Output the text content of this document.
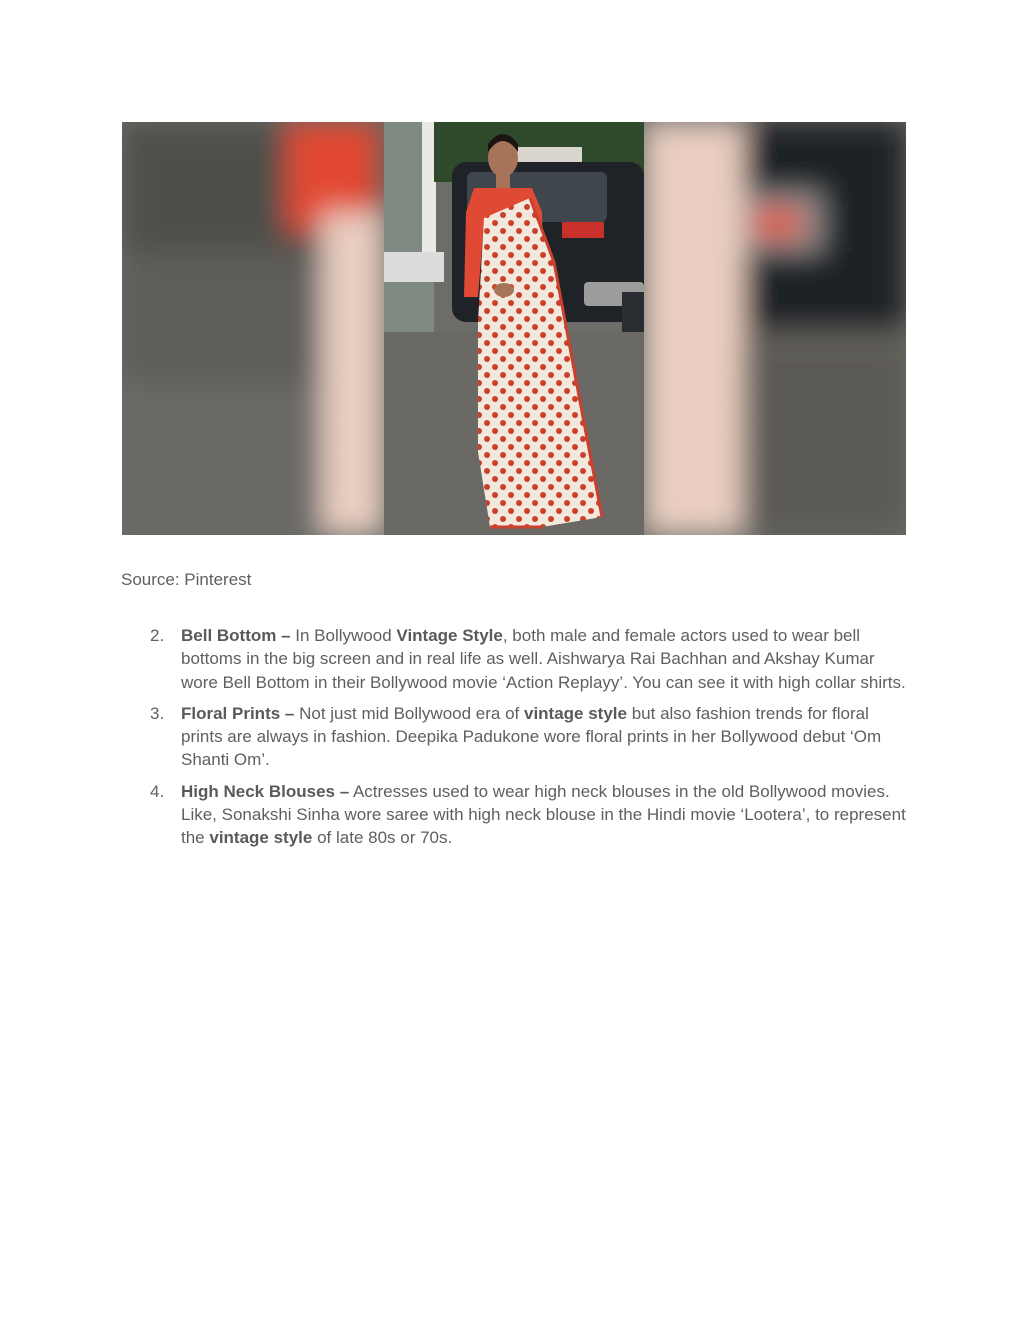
Source: Pinterest

2. Bell Bottom – In Bollywood Vintage Style, both male and female actors used to wear bell bottoms in the big screen and in real life as well. Aishwarya Rai Bachhan and Akshay Kumar wore Bell Bottom in their Bollywood movie ‘Action Replayy’. You can see it with high collar shirts.
3. Floral Prints – Not just mid Bollywood era of vintage style but also fashion trends for floral prints are always in fashion. Deepika Padukone wore floral prints in her Bollywood debut ‘Om Shanti Om’.
4. High Neck Blouses – Actresses used to wear high neck blouses in the old Bollywood movies. Like, Sonakshi Sinha wore saree with high neck blouse in the Hindi movie ‘Lootera’, to represent the vintage style of late 80s or 70s.
